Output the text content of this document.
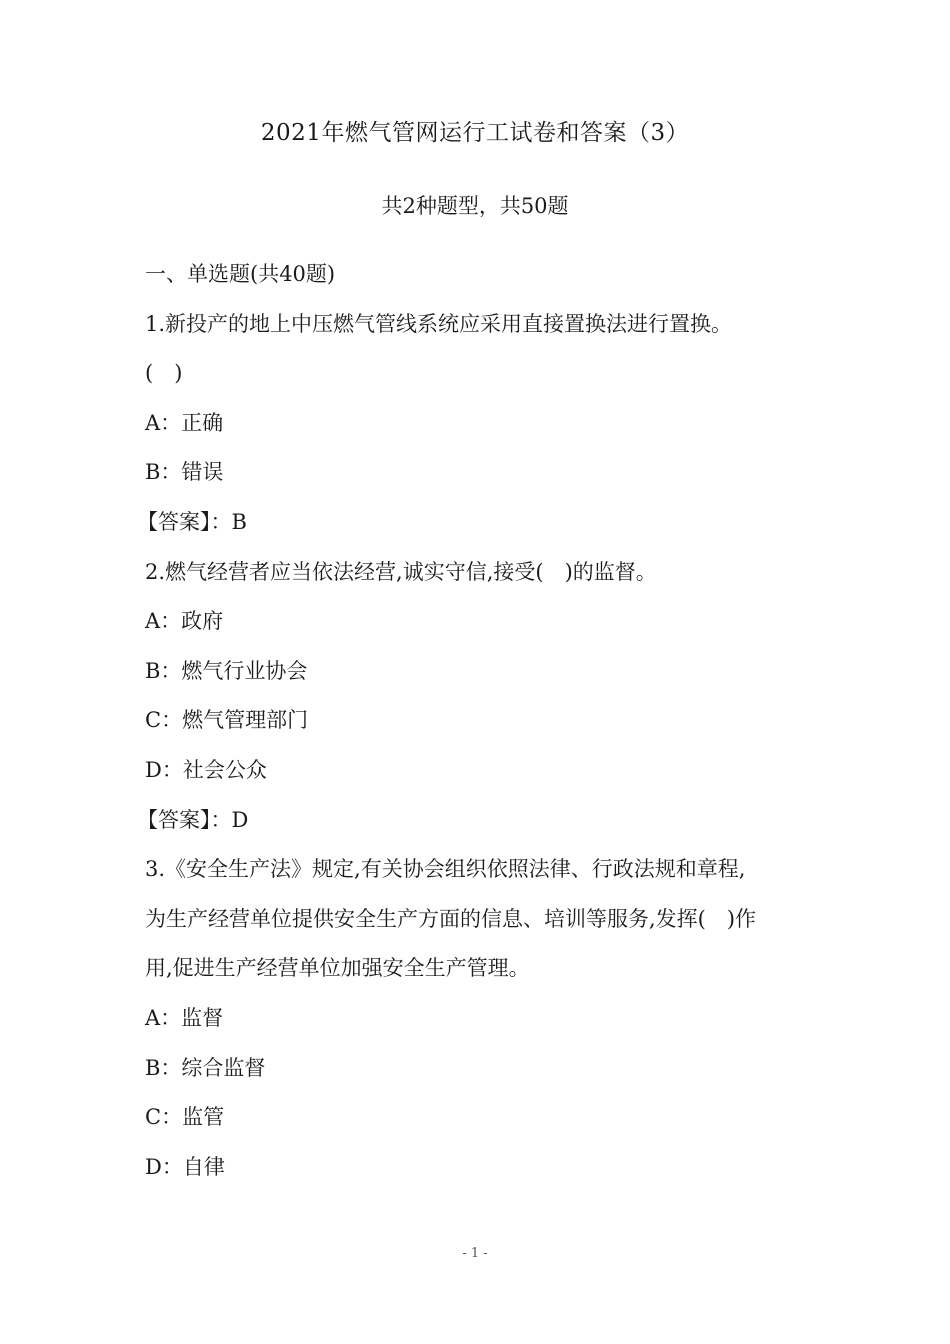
2021年燃气管网运行工试卷和答案（3）
共2种题型，共50题
一、单选题(共40题)
1.新投产的地上中压燃气管线系统应采用直接置换法进行置换。
(　)
A：正确
B：错误
【答案】：B
2.燃气经营者应当依法经营,诚实守信,接受(　)的监督。
A：政府
B：燃气行业协会
C：燃气管理部门
D：社会公众
【答案】：D
3.《安全生产法》规定,有关协会组织依照法律、行政法规和章程,
为生产经营单位提供安全生产方面的信息、培训等服务,发挥(　)作
用,促进生产经营单位加强安全生产管理。
A：监督
B：综合监督
C：监管
D：自律
- 1 -
